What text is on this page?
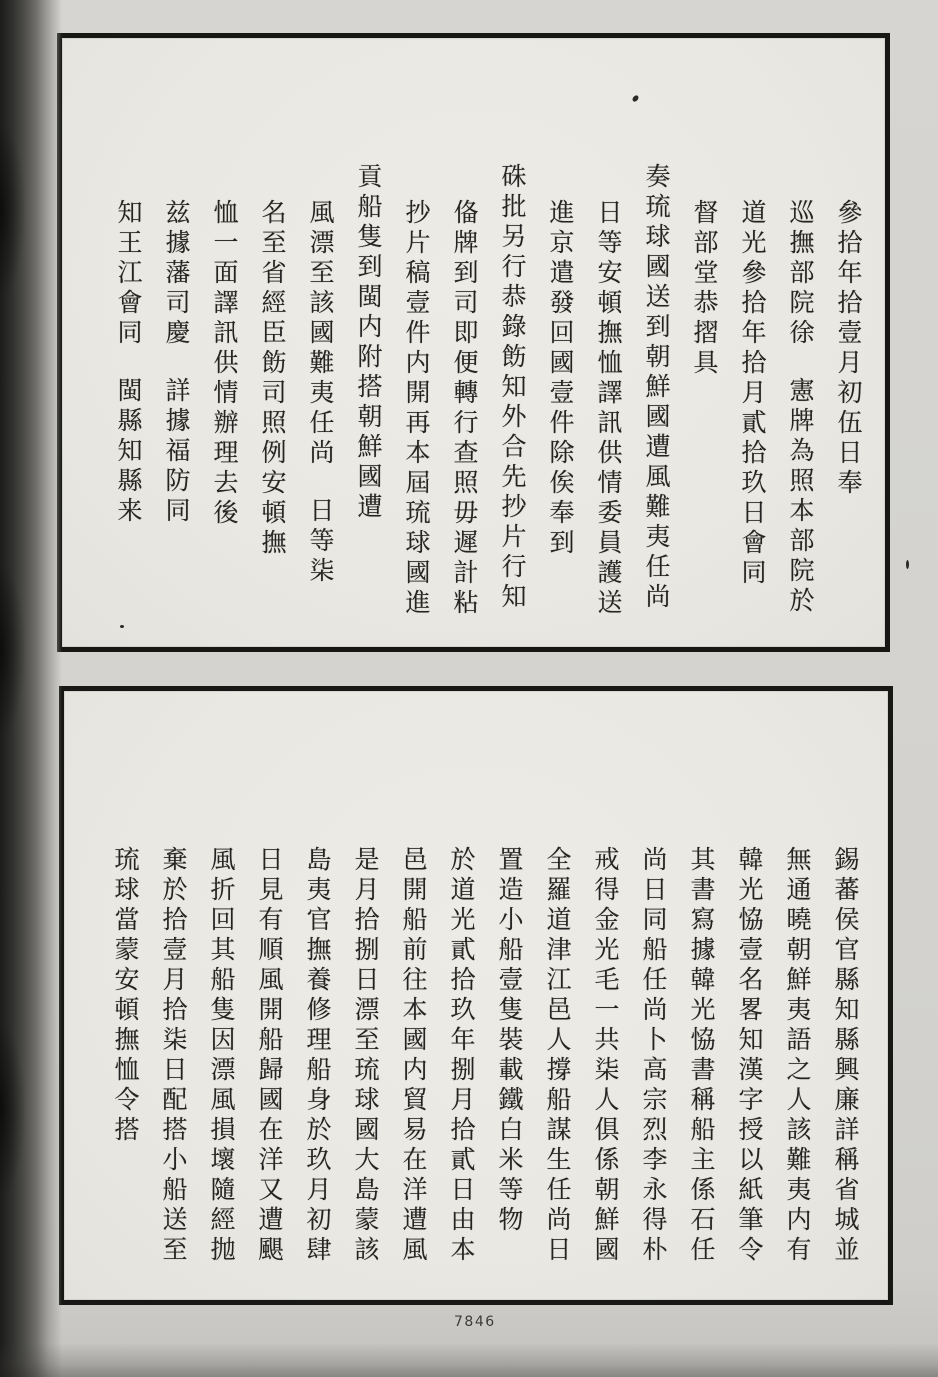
參拾年拾壹月初伍日奉
巡撫部院徐憲牌為照本部院於
道光參拾年拾月貳拾玖日會同
督部堂恭摺具
奏琉球國送到朝鮮國遭風難夷任尚
日等安頓撫恤譯訊供情委員護送
進京遣發回國壹件除俟奉到
硃批另行恭錄飭知外合先抄片行知
俻牌到司即便轉行查照毋遲計粘
抄片稿壹件内開再本屆琉球國進
貢船隻到閩内附搭朝鮮國遭
風漂至該國難夷任尚日等柒
名至省經臣飭司照例安頓撫
恤一面譯訊供情辦理去後
兹據藩司慶詳據福防同
知王江會同閩縣知縣来
錫蕃侯官縣知縣興廉詳稱省城並
無通曉朝鮮夷語之人該難夷内有
韓光恊壹名畧知漢字授以紙筆令
其書寫據韓光恊書稱船主係石任
尚日同船任尚卜高宗烈李永得朴
戒得金光毛一共柒人俱係朝鮮國
全羅道津江邑人撐船謀生任尚日
置造小船壹隻裝載鐵白米等物
於道光貳拾玖年捌月拾貳日由本
邑開船前往本國内貿易在洋遭風
是月拾捌日漂至琉球國大島蒙該
島夷官撫養修理船身於玖月初肆
日見有順風開船歸國在洋又遭颶
風折回其船隻因漂風損壞隨經抛
棄於拾壹月拾柒日配搭小船送至
琉球當蒙安頓撫恤令搭
7846
